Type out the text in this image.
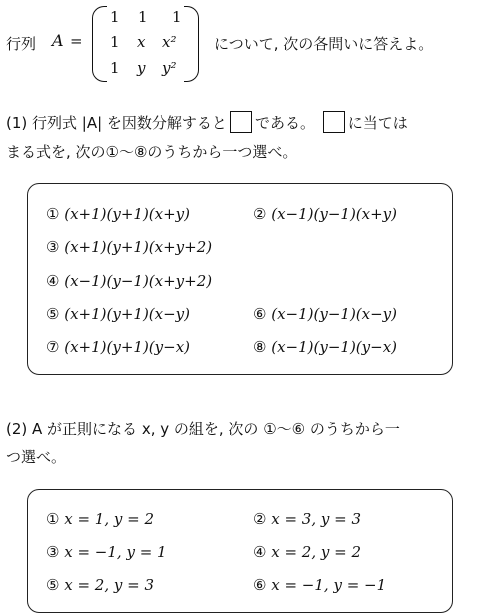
行列 A =
1 1 1
1 x x²
1 y y²
について, 次の各問いに答えよ。
(1) 行列式 |A| を因数分解すると である。 に当ては
まる式を, 次の①〜⑧のうちから一つ選べ。
① (x+1)(y+1)(x+y)	② (x−1)(y−1)(x+y)
③ (x+1)(y+1)(x+y+2)
④ (x−1)(y−1)(x+y+2)
⑤ (x+1)(y+1)(x−y)	⑥ (x−1)(y−1)(x−y)
⑦ (x+1)(y+1)(y−x)	⑧ (x−1)(y−1)(y−x)
(2) A が正則になる x, y の組を, 次の ①〜⑥ のうちから一
つ選べ。
① x = 1, y = 2	② x = 3, y = 3
③ x = −1, y = 1	④ x = 2, y = 2
⑤ x = 2, y = 3	⑥ x = −1, y = −1
